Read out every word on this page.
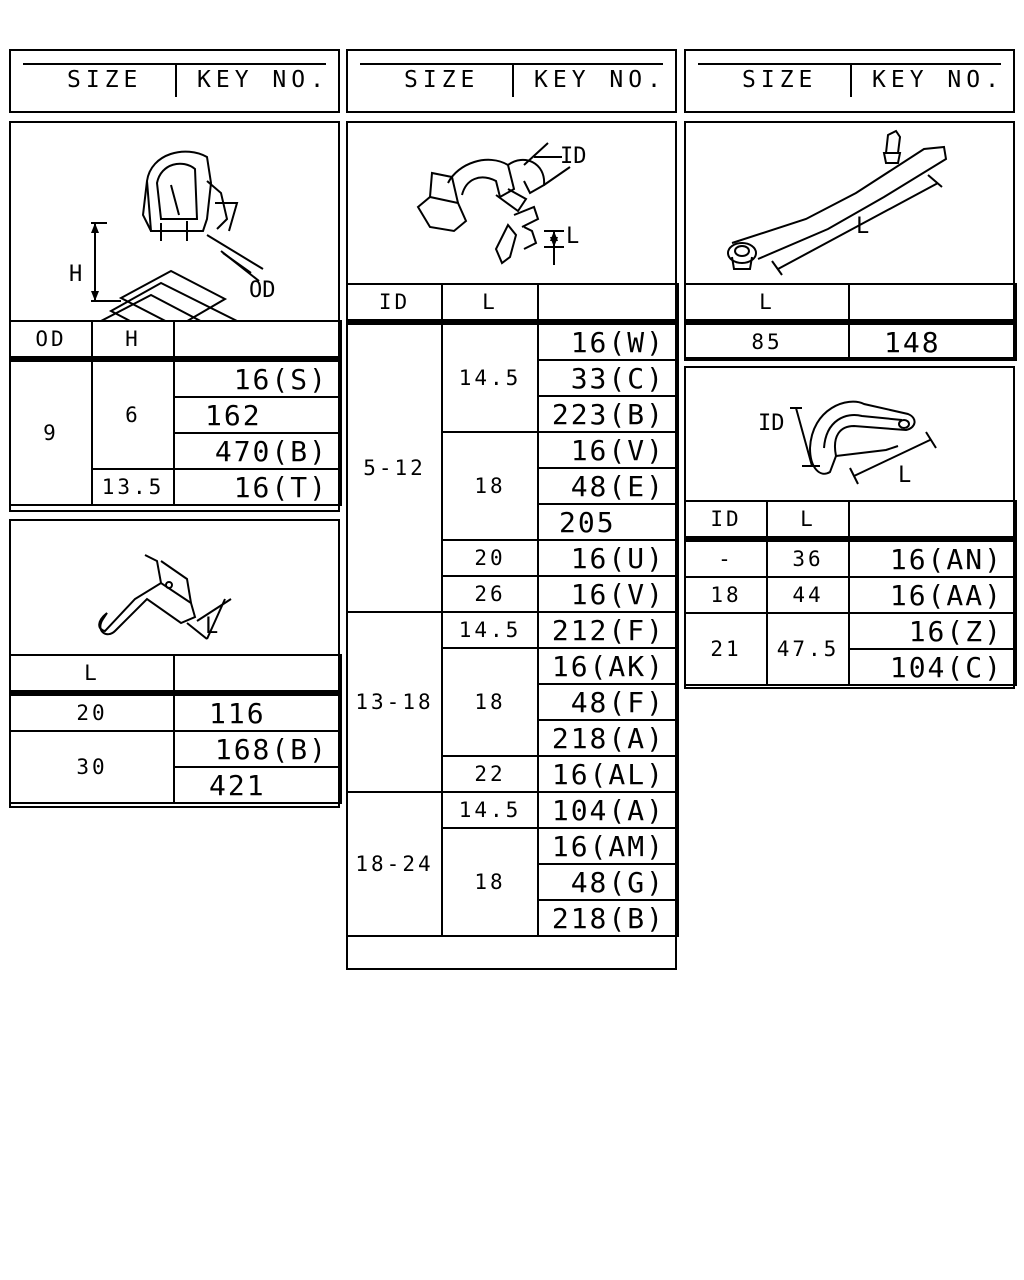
SIZE KEY NO.	SIZE KEY NO.	SIZE KEY NO.
H
OD
OD	H	
9	6	16(S)
		162
		470(B)
	13.5	16(T)
L
L	
20	116
30	168(B)
	421
ID
L
ID	L	
5-12	14.5	16(W)
		33(C)
		223(B)
	18	16(V)
		48(E)
		205
	20	16(U)
	26	16(V)
13-18	14.5	212(F)
	18	16(AK)
		48(F)
		218(A)
	22	16(AL)
18-24	14.5	104(A)
	18	16(AM)
		48(G)
		218(B)
L
L	
85	148
ID
L
ID	L	
-	36	16(AN)
18	44	16(AA)
21	47.5	16(Z)
		104(C)
